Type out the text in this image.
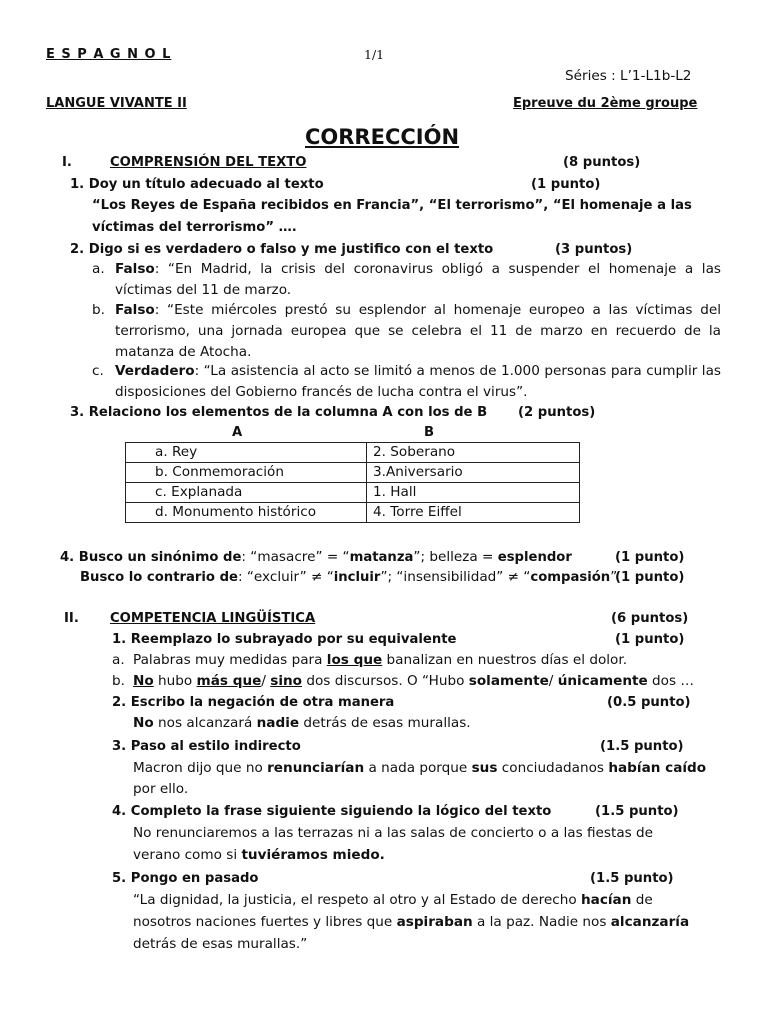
E S P A G N O L	1/1
Séries : L’1-L1b-L2
LANGUE VIVANTE II	Epreuve du 2ème groupe
CORRECCIÓN
I.	COMPRENSIÓN DEL TEXTO	(8 puntos)
1. Doy un título adecuado al texto	(1 punto)
“Los Reyes de España recibidos en Francia”, “El terrorismo”, “El homenaje a las
víctimas del terrorismo” ….
2. Digo si es verdadero o falso y me justifico con el texto	(3 puntos)
a. Falso: “En Madrid, la crisis del coronavirus obligó a suspender el homenaje a las víctimas del 11 de marzo.
b. Falso: “Este miércoles prestó su esplendor al homenaje europeo a las víctimas del terrorismo, una jornada europea que se celebra el 11 de marzo en recuerdo de la matanza de Atocha.
c. Verdadero: “La asistencia al acto se limitó a menos de 1.000 personas para cumplir las disposiciones del Gobierno francés de lucha contra el virus”.
3. Relaciono los elementos de la columna A con los de B (2 puntos)
A	B
a. Rey	2. Soberano
b. Conmemoración	3.Aniversario
c. Explanada	1. Hall
d. Monumento histórico	4. Torre Eiffel
4. Busco un sinónimo de: “masacre” = “matanza”; belleza = esplendor	(1 punto)
Busco lo contrario de: “excluir” ≠ “incluir”; “insensibilidad” ≠ “compasión”
(1 punto)
II. COMPETENCIA LINGÜÍSTICA	(6 puntos)
1. Reemplazo lo subrayado por su equivalente	(1 punto)
a. Palabras muy medidas para los que banalizan en nuestros días el dolor.
b. No hubo más que/ sino dos discursos. O “Hubo solamente/ únicamente dos …
2. Escribo la negación de otra manera	(0.5 punto)
No nos alcanzará nadie detrás de esas murallas.
3. Paso al estilo indirecto	(1.5 punto)
Macron dijo que no renunciarían a nada porque sus conciudadanos habían caído
por ello.
4. Completo la frase siguiente siguiendo la lógico del texto	(1.5 punto)
No renunciaremos a las terrazas ni a las salas de concierto o a las fiestas de
verano como si tuviéramos miedo.
5. Pongo en pasado	(1.5 punto)
“La dignidad, la justicia, el respeto al otro y al Estado de derecho hacían de
nosotros naciones fuertes y libres que aspiraban a la paz. Nadie nos alcanzaría
detrás de esas murallas.”
